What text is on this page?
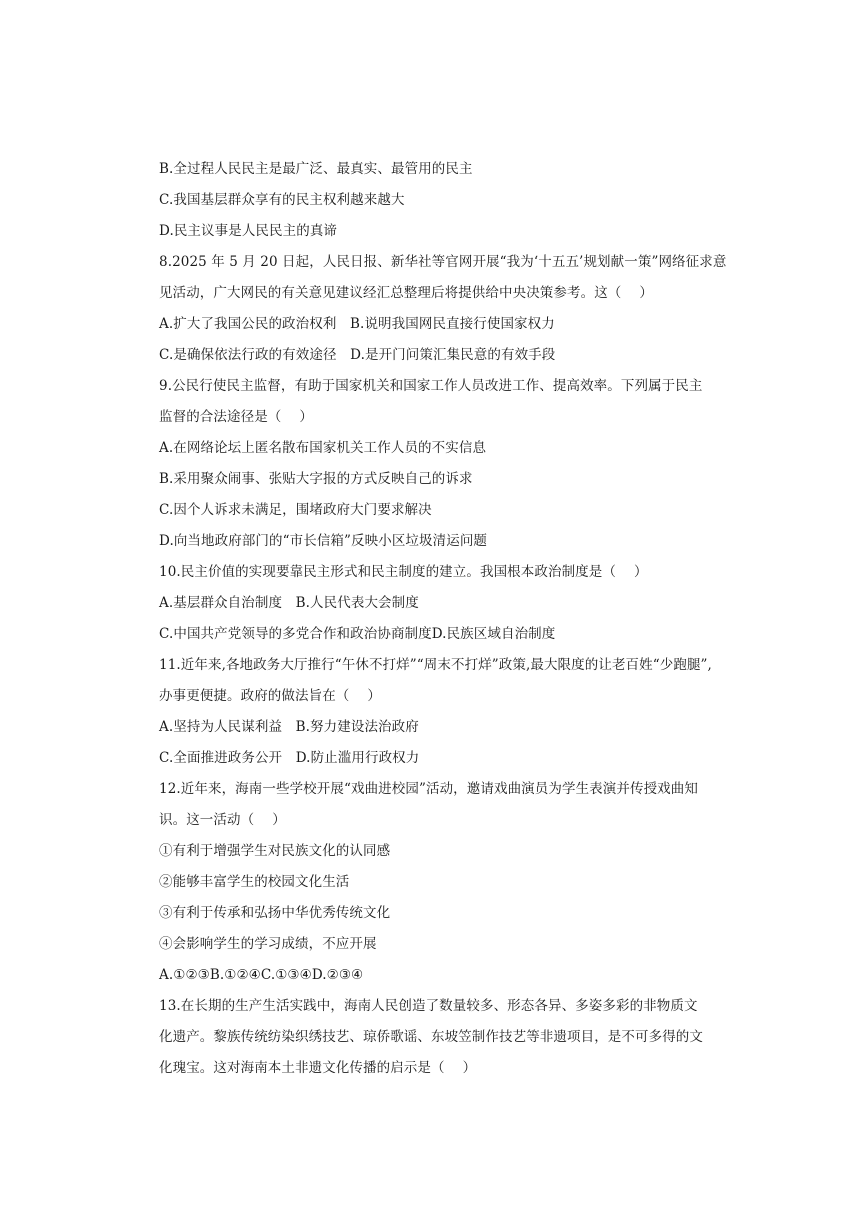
B.全过程人民民主是最广泛、最真实、最管用的民主
C.我国基层群众享有的民主权利越来越大
D.民主议事是人民民主的真谛
8.2025 年 5 月 20 日起，人民日报、新华社等官网开展“我为‘十五五’规划献一策”网络征求意
见活动，广大网民的有关意见建议经汇总整理后将提供给中央决策参考。这（　 ）
A.扩大了我国公民的政治权利　B.说明我国网民直接行使国家权力
C.是确保依法行政的有效途径　D.是开门问策汇集民意的有效手段
9.公民行使民主监督，有助于国家机关和国家工作人员改进工作、提高效率。下列属于民主
监督的合法途径是（　 ）
A.在网络论坛上匿名散布国家机关工作人员的不实信息
B.采用聚众闹事、张贴大字报的方式反映自己的诉求
C.因个人诉求未满足，围堵政府大门要求解决
D.向当地政府部门的“市长信箱”反映小区垃圾清运问题
10.民主价值的实现要靠民主形式和民主制度的建立。我国根本政治制度是（　 ）
A.基层群众自治制度　B.人民代表大会制度
C.中国共产党领导的多党合作和政治协商制度D.民族区域自治制度
11.近年来,各地政务大厅推行“午休不打烊”“周末不打烊”政策,最大限度的让老百姓“少跑腿”,
办事更便捷。政府的做法旨在（　 ）
A.坚持为人民谋利益　B.努力建设法治政府
C.全面推进政务公开　D.防止滥用行政权力
12.近年来，海南一些学校开展“戏曲进校园”活动，邀请戏曲演员为学生表演并传授戏曲知
识。这一活动（　 ）
①有利于增强学生对民族文化的认同感
②能够丰富学生的校园文化生活
③有利于传承和弘扬中华优秀传统文化
④会影响学生的学习成绩，不应开展
A.①②③B.①②④C.①③④D.②③④
13.在长期的生产生活实践中，海南人民创造了数量较多、形态各异、多姿多彩的非物质文
化遗产。黎族传统纺染织绣技艺、琼侨歌谣、东坡笠制作技艺等非遗项目，是不可多得的文
化瑰宝。这对海南本土非遗文化传播的启示是（　 ）
